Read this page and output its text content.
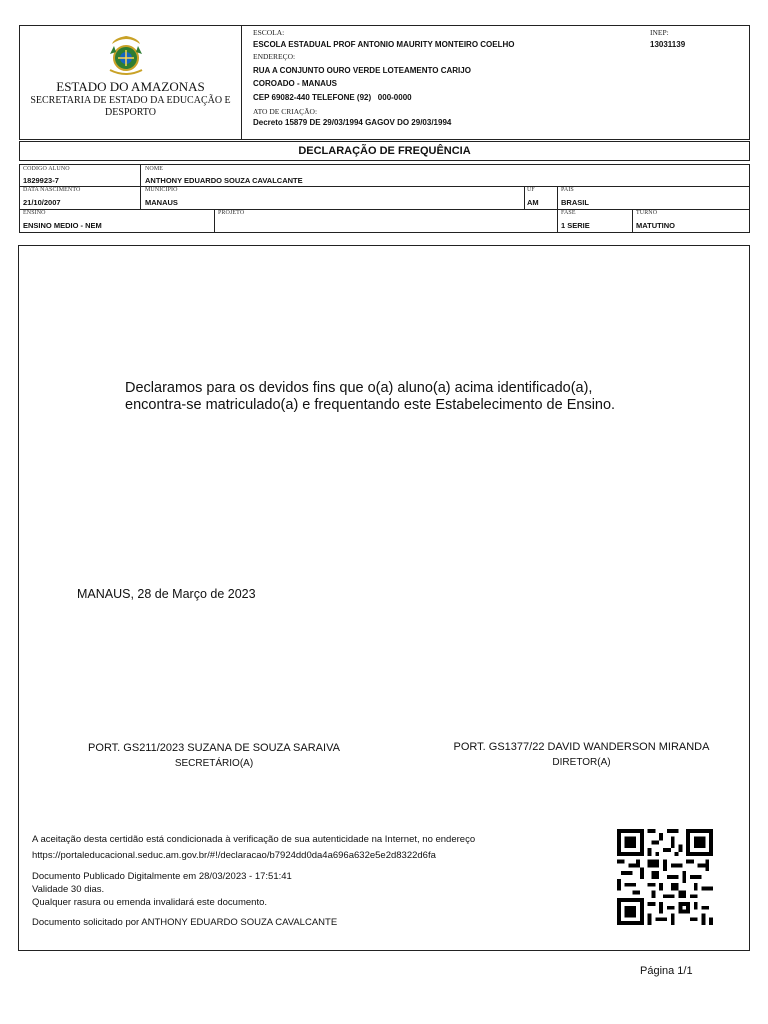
ESTADO DO AMAZONAS
SECRETARIA DE ESTADO DA EDUCAÇÃO E DESPORTO
ESCOLA:
ESCOLA ESTADUAL PROF ANTONIO MAURITY MONTEIRO COELHO
INEP:
13031139
ENDEREÇO:
RUA A CONJUNTO OURO VERDE LOTEAMENTO CARIJO
COROADO - MANAUS
CEP 69082-440 TELEFONE (92)   000-0000
ATO DE CRIAÇÃO:
Decreto 15879 DE 29/03/1994 GAGOV DO 29/03/1994
DECLARAÇÃO DE FREQUÊNCIA
CODIGO ALUNO
1829923-7
NOME
ANTHONY EDUARDO SOUZA CAVALCANTE
DATA NASCIMENTO
21/10/2007
MUNICIPIO
MANAUS
UF
AM
PAIS
BRASIL
ENSINO
ENSINO MEDIO - NEM
PROJETO	FASE
1 SERIE
TURNO
MATUTINO
Declaramos para os devidos fins que o(a) aluno(a) acima identificado(a), encontra-se matriculado(a) e frequentando este Estabelecimento de Ensino.
MANAUS, 28 de Março de 2023
PORT. GS211/2023 SUZANA DE SOUZA SARAIVA
SECRETÁRIO(A)
PORT. GS1377/22 DAVID WANDERSON MIRANDA
DIRETOR(A)
A aceitação desta certidão está condicionada à verificação de sua autenticidade na Internet, no endereço
https://portaleducacional.seduc.am.gov.br/#!/declaracao/b7924dd0da4a696a632e5e2d8322d6fa
Documento Publicado Digitalmente em 28/03/2023 - 17:51:41
Validade 30 dias.
Qualquer rasura ou emenda invalidará este documento.
Documento solicitado por ANTHONY EDUARDO SOUZA CAVALCANTE
Página 1/1
